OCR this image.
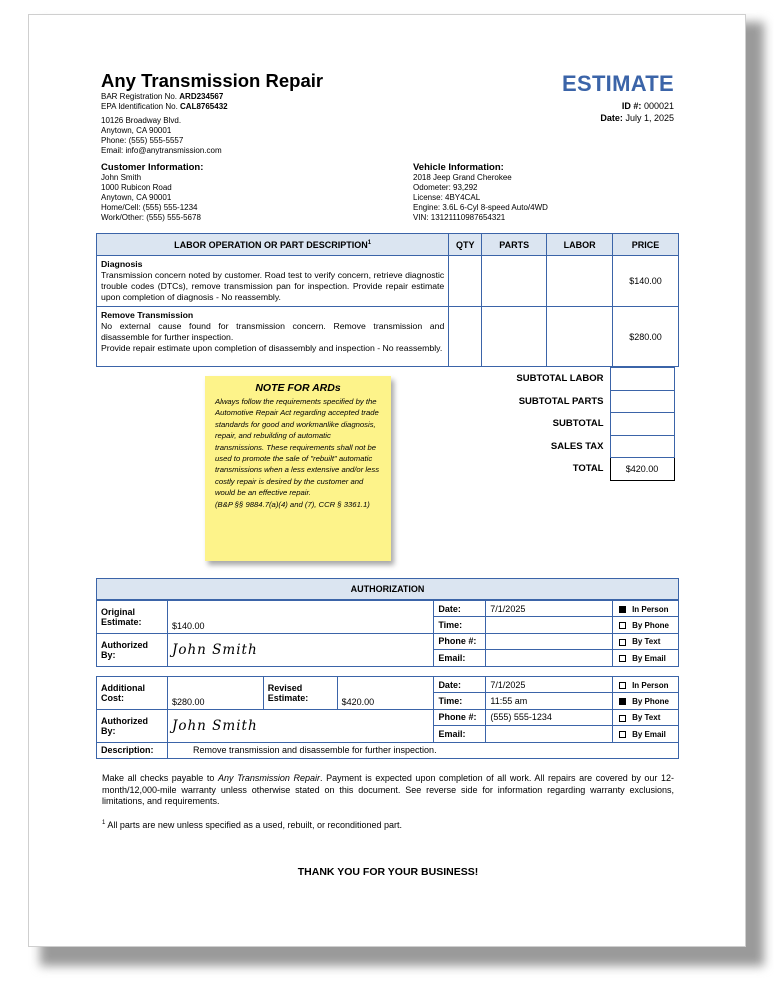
Any Transmission Repair
BAR Registration No. ARD234567
EPA Identification No. CAL8765432
10126 Broadway Blvd.
Anytown, CA 90001
Phone: (555) 555-5557
Email: info@anytransmission.com
ESTIMATE
ID #: 000021
Date: July 1, 2025
Customer Information:
John Smith
1000 Rubicon Road
Anytown, CA 90001
Home/Cell: (555) 555-1234
Work/Other: (555) 555-5678
Vehicle Information:
2018 Jeep Grand Cherokee
Odometer: 93,292
License: 4BY4CAL
Engine: 3.6L 6-Cyl 8-speed Auto/4WD
VIN: 13121110987654321
LABOR OPERATION OR PART DESCRIPTION$^1$	QTY	PARTS	LABOR	PRICE
Diagnosis
Transmission concern noted by customer. Road test to verify concern, retrieve diagnostic trouble codes (DTCs), remove transmission pan for inspection. Provide repair estimate upon completion of diagnosis - No reassembly.				$140.00
Remove Transmission
No external cause found for transmission concern. Remove transmission and disassemble for further inspection.
Provide repair estimate upon completion of disassembly and inspection - No reassembly.				$280.00
SUBTOTAL LABOR	
SUBTOTAL PARTS	
SUBTOTAL	
SALES TAX	
TOTAL	$420.00
NOTE FOR ARDs
Always follow the requirements specified by the Automotive Repair Act regarding accepted trade standards for good and workmanlike diagnosis, repair, and rebuilding of automatic transmissions. These requirements shall not be used to promote the sale of "rebuilt" automatic transmissions when a less extensive and/or less costly repair is desired by the customer and would be an effective repair.
(B&P §§ 9884.7(a)(4) and (7), CCR § 3361.1)
AUTHORIZATION
Original Estimate:	$140.00	Date:	7/1/2025	In Person
		Time:		By Phone
Authorized By:	John Smith	Phone #:		By Text
		Email:		By Email
Additional Cost:	$280.00	Revised Estimate:	$420.00	Date:	7/1/2025	In Person
				Time:	11:55 am	By Phone
Authorized By:	John Smith			Phone #:	(555) 555-1234	By Text
				Email:		By Email
Description:	Remove transmission and disassemble for further inspection.					
Make all checks payable to Any Transmission Repair. Payment is expected upon completion of all work. All repairs are covered by our 12-month/12,000-mile warranty unless otherwise stated on this document. See reverse side for information regarding warranty exclusions, limitations, and requirements.
$^1$ All parts are new unless specified as a used, rebuilt, or reconditioned part.
THANK YOU FOR YOUR BUSINESS!
